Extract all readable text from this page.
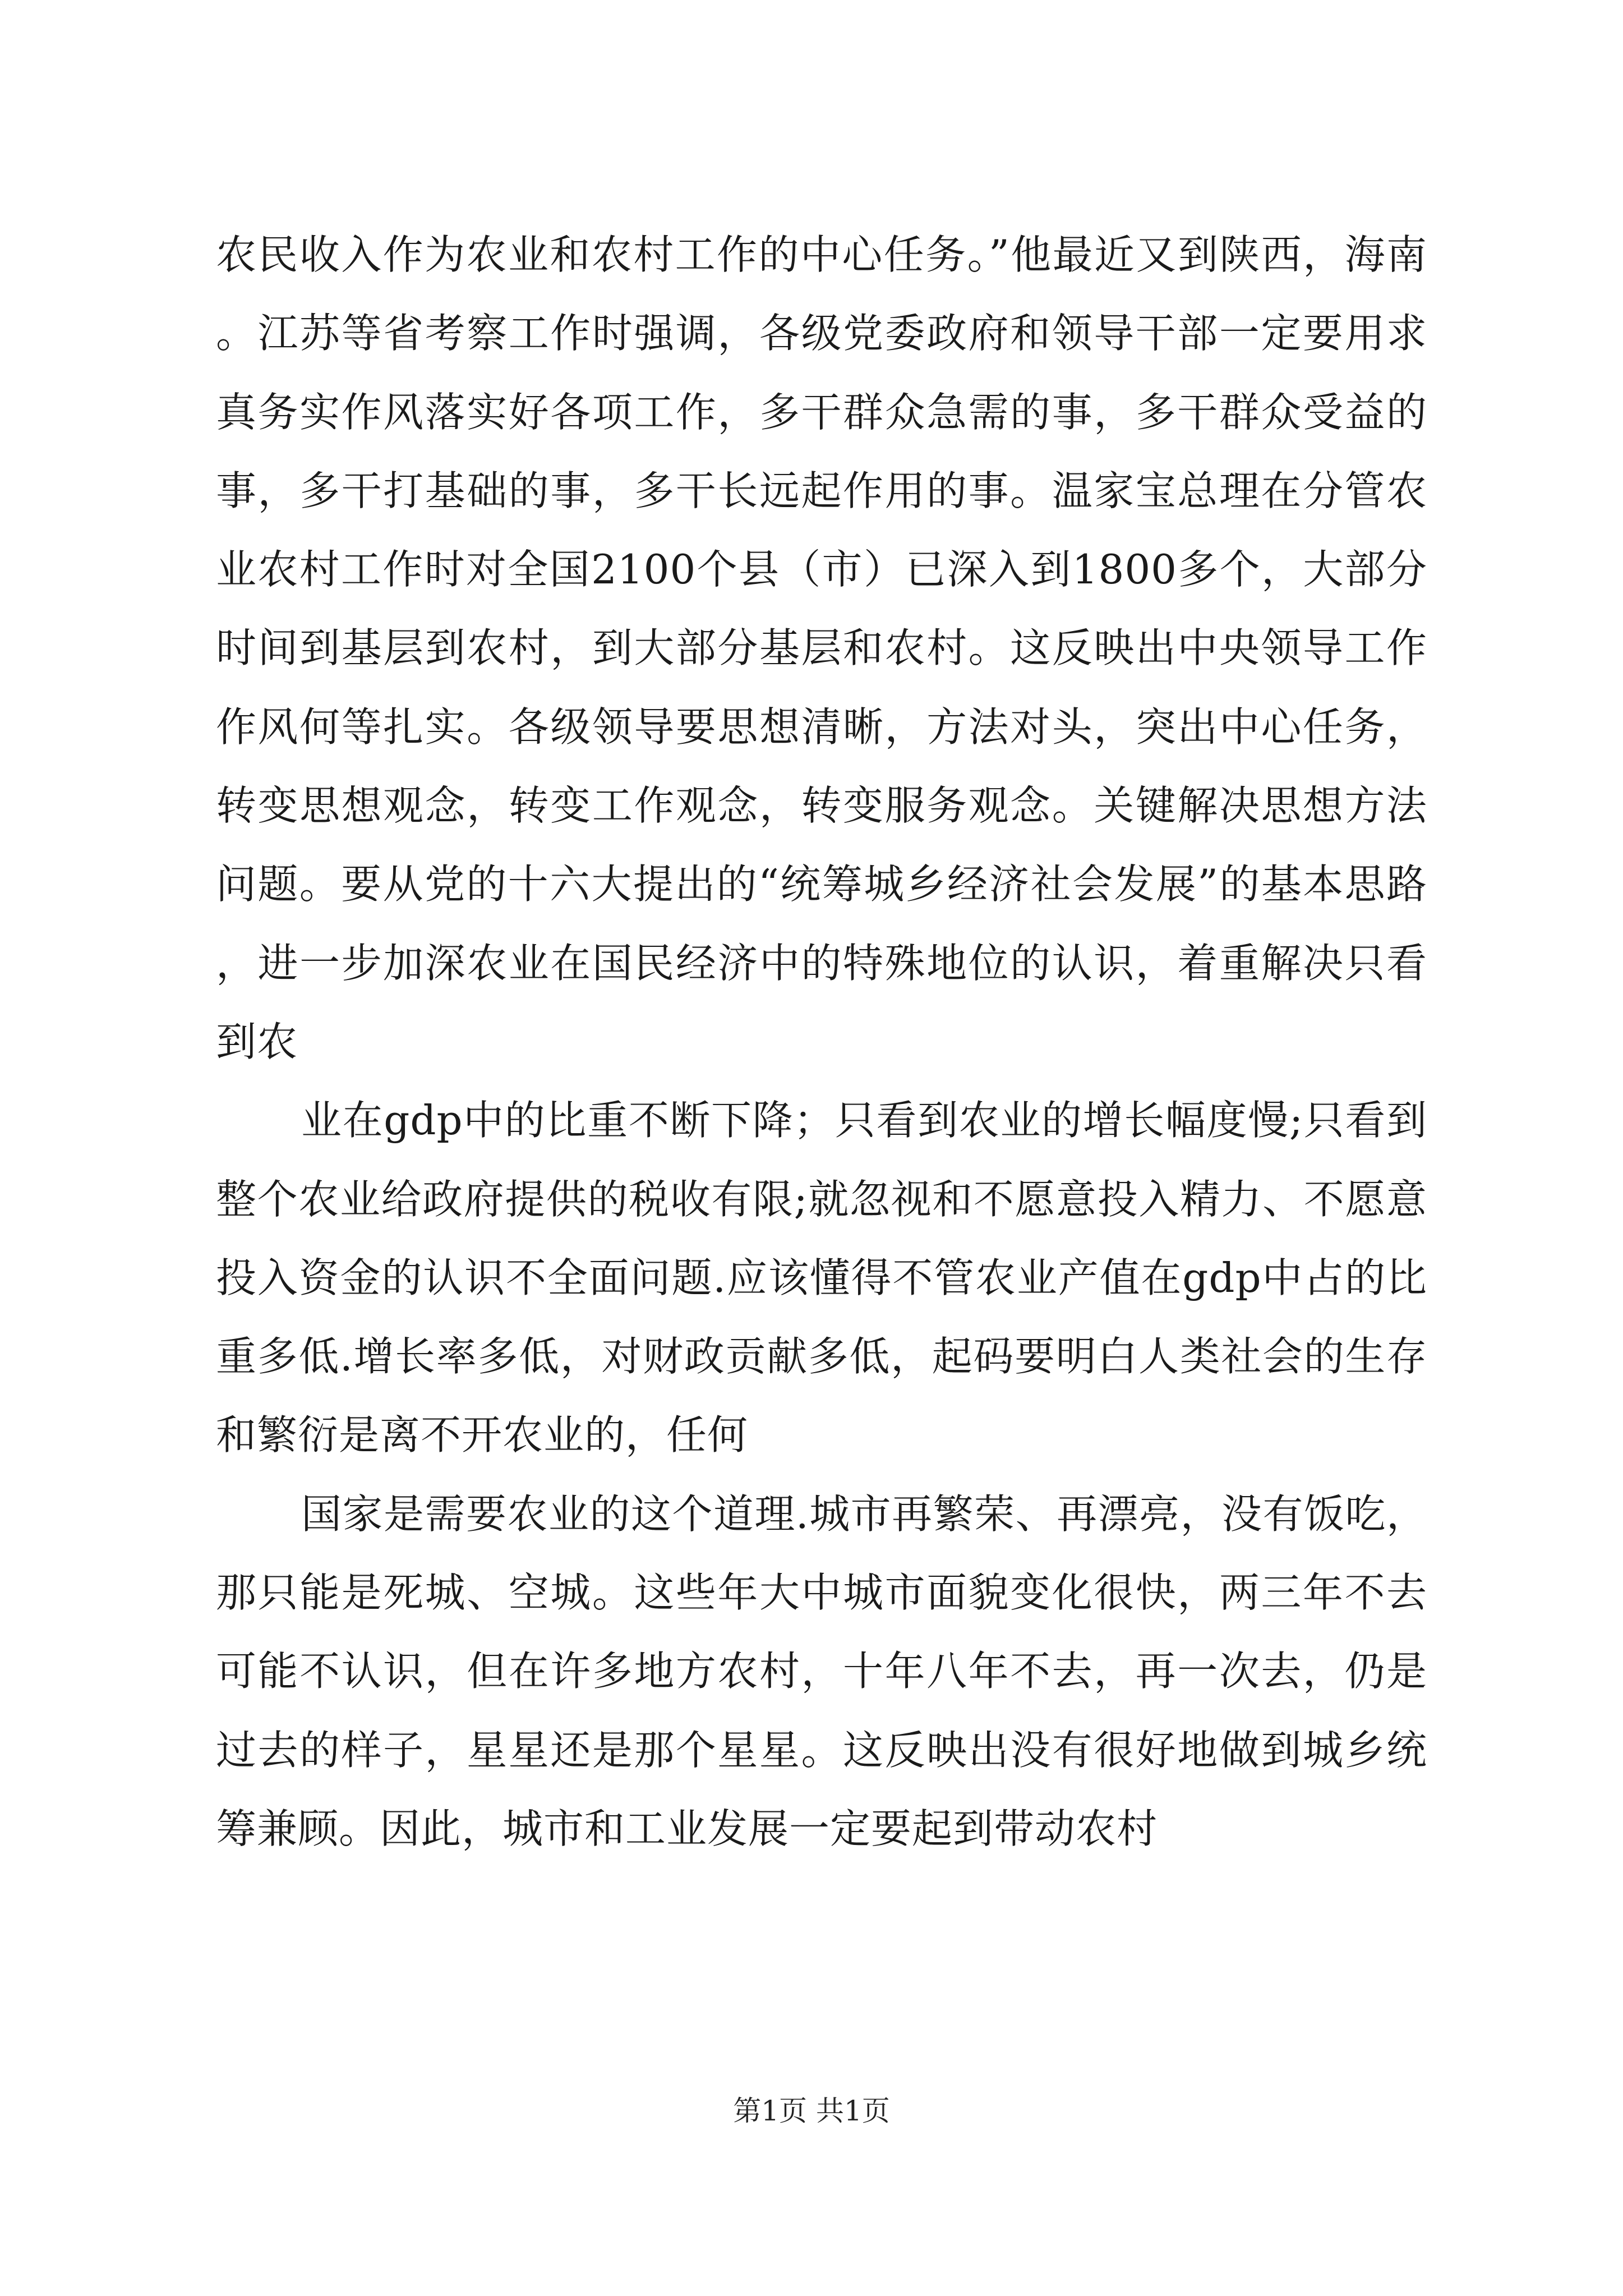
农民收入作为农业和农村工作的中心任务。”他最近又到陕西，海南。江苏等省考察工作时强调，各级党委政府和领导干部一定要用求真务实作风落实好各项工作，多干群众急需的事，多干群众受益的事，多干打基础的事，多干长远起作用的事。温家宝总理在分管农业农村工作时对全国2100个县（市）已深入到1800多个，大部分时间到基层到农村，到大部分基层和农村。这反映出中央领导工作作风何等扎实。各级领导要思想清晰，方法对头，突出中心任务，转变思想观念，转变工作观念，转变服务观念。关键解决思想方法问题。要从党的十六大提出的“统筹城乡经济社会发展”的基本思路，进一步加深农业在国民经济中的特殊地位的认识，着重解决只看到农

业在gdp中的比重不断下降；只看到农业的增长幅度慢;只看到整个农业给政府提供的税收有限;就忽视和不愿意投入精力、不愿意投入资金的认识不全面问题.应该懂得不管农业产值在gdp中占的比重多低.增长率多低，对财政贡献多低，起码要明白人类社会的生存和繁衍是离不开农业的，任何

国家是需要农业的这个道理.城市再繁荣、再漂亮，没有饭吃，那只能是死城、空城。这些年大中城市面貌变化很快，两三年不去可能不认识，但在许多地方农村，十年八年不去，再一次去，仍是过去的样子，星星还是那个星星。这反映出没有很好地做到城乡统筹兼顾。因此，城市和工业发展一定要起到带动农村

第1页 共1页
